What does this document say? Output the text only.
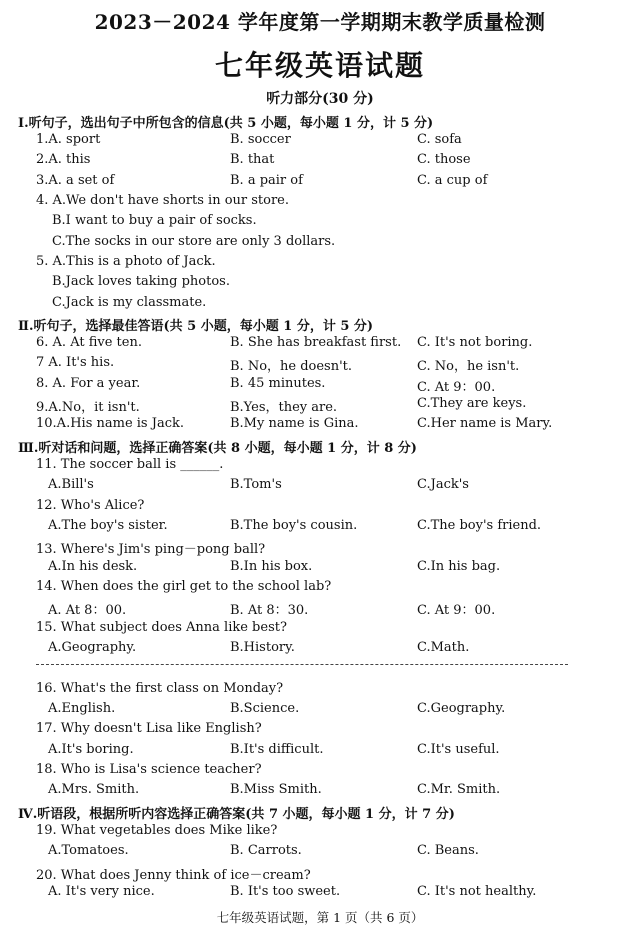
2023－2024 学年度第一学期期末教学质量检测
七年级英语试题
听力部分(30 分)
Ⅰ.听句子，选出句子中所包含的信息(共 5 小题，每小题 1 分，计 5 分)
1.A. sport	B. soccer	C. sofa
2.A. this	B. that	C. those
3.A. a set of	B. a pair of	C. a cup of
4. A.We don't have shorts in our store.
B.I want to buy a pair of socks.
C.The socks in our store are only 3 dollars.
5. A.This is a photo of Jack.
B.Jack loves taking photos.
C.Jack is my classmate.
Ⅱ.听句子，选择最佳答语(共 5 小题，每小题 1 分，计 5 分)
6. A. At five ten.	B. She has breakfast first. C. It's not boring.
7 A. It's his.	B. No，he doesn't.	C. No，he isn't.
8. A. For a year.	B. 45 minutes.	C. At 9：00.
9.A.No，it isn't.	B.Yes，they are.	C.They are keys.
10.A.His name is Jack.	B.My name is Gina.	C.Her name is Mary.
Ⅲ.听对话和问题，选择正确答案(共 8 小题，每小题 1 分，计 8 分)
11. The soccer ball is ______.
A.Bill's	B.Tom's	C.Jack's
12. Who's Alice?
A.The boy's sister.	B.The boy's cousin.	C.The boy's friend.
13. Where's Jim's ping－pong ball?
A.In his desk.	B.In his box.	C.In his bag.
14. When does the girl get to the school lab?
A. At 8：00.	B. At 8：30.	C. At 9：00.
15. What subject does Anna like best?
A.Geography.	B.History.	C.Math.
16. What's the first class on Monday?
A.English.	B.Science.	C.Geography.
17. Why doesn't Lisa like English?
A.It's boring.	B.It's difficult.	C.It's useful.
18. Who is Lisa's science teacher?
A.Mrs. Smith.	B.Miss Smith.	C.Mr. Smith.
Ⅳ.听语段，根据所听内容选择正确答案(共 7 小题，每小题 1 分，计 7 分)
19. What vegetables does Mike like?
A.Tomatoes.	B. Carrots.	C. Beans.
20. What does Jenny think of ice－cream?
A. It's very nice.	B. It's too sweet.	C. It's not healthy.
七年级英语试题，第 1 页（共 6 页）
